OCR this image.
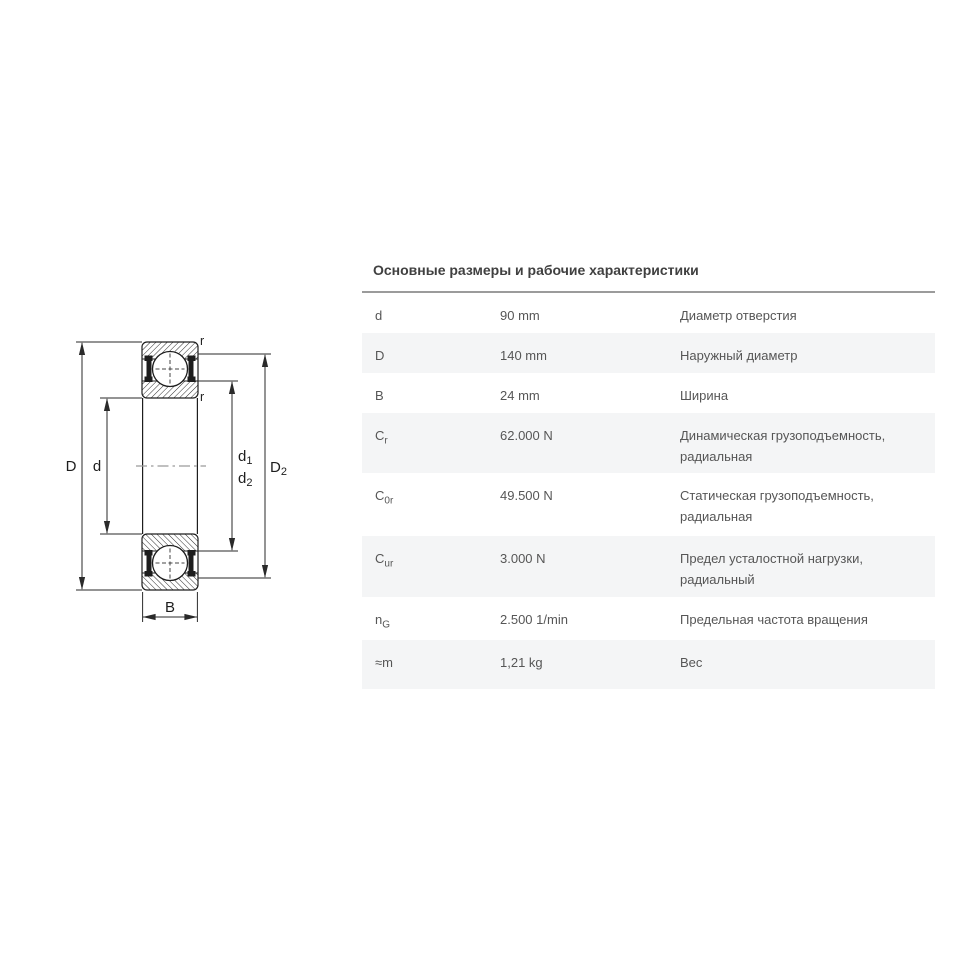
D d
$d_1$
$d_2$
$D_2$
B
r
r
Основные размеры и рабочие характеристики
d	90 mm	Диаметр отверстия
D	140 mm	Наружный диаметр
B	24 mm	Ширина
$C_r$	62.000 N	Динамическая грузоподъемность, радиальная
$C_{0r}$	49.500 N	Статическая грузоподъемность, радиальная
$C_{ur}$	3.000 N	Предел усталостной нагрузки, радиальный
$n_G$	2.500 1/min	Предельная частота вращения
≈m	1,21 kg	Вес
